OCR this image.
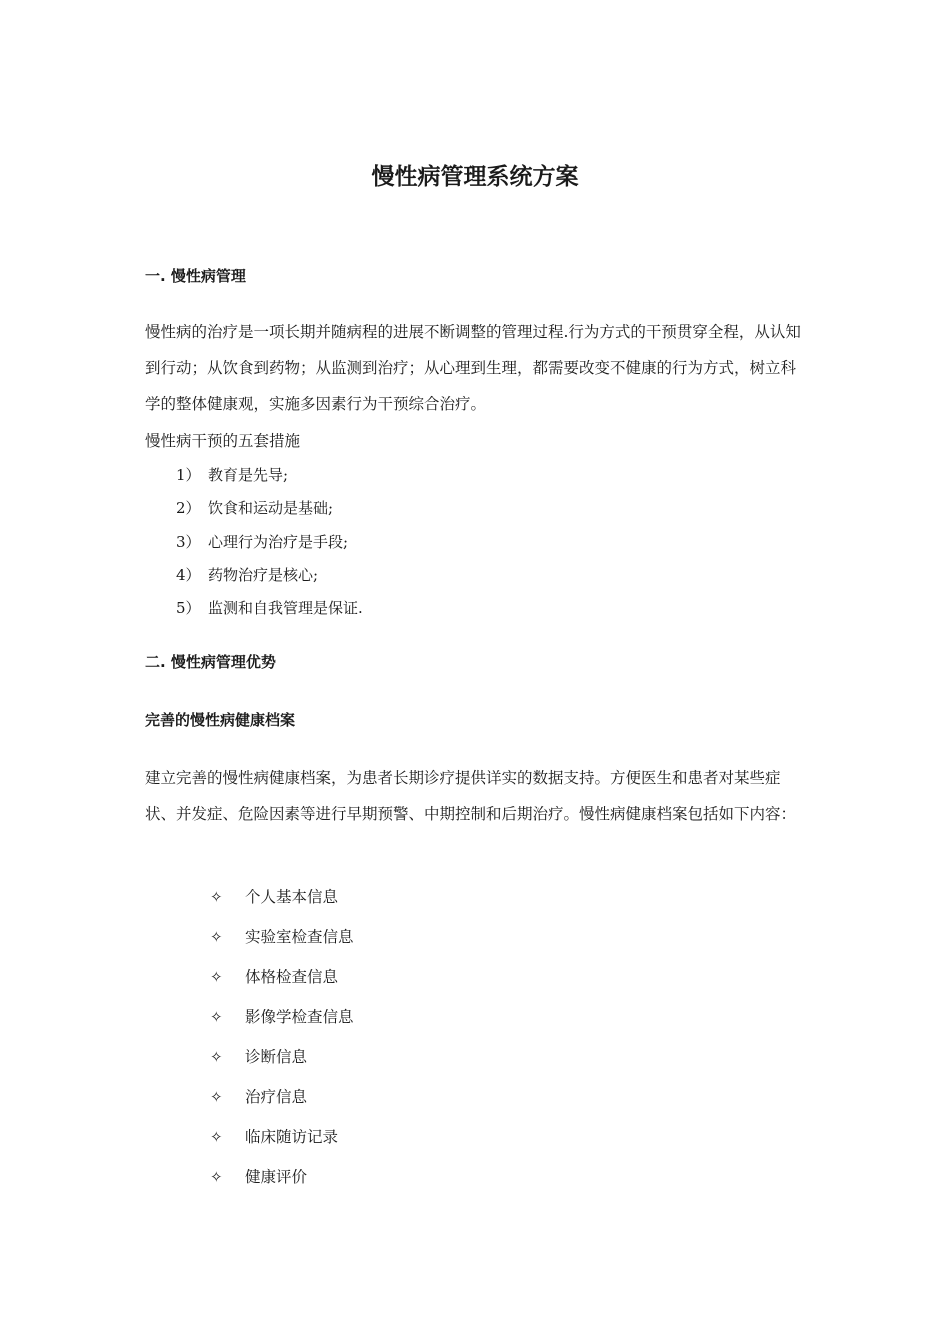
慢性病管理系统方案
一. 慢性病管理

慢性病的治疗是一项长期并随病程的进展不断调整的管理过程.行为方式的干预贯穿全程，从认知到行动；从饮食到药物；从监测到治疗；从心理到生理，都需要改变不健康的行为方式，树立科学的整体健康观，实施多因素行为干预综合治疗。

慢性病干预的五套措施

1） 教育是先导;
2） 饮食和运动是基础;
3） 心理行为治疗是手段;
4） 药物治疗是核心;
5） 监测和自我管理是保证.
二. 慢性病管理优势
完善的慢性病健康档案

建立完善的慢性病健康档案，为患者长期诊疗提供详实的数据支持。方便医生和患者对某些症状、并发症、危险因素等进行早期预警、中期控制和后期治疗。慢性病健康档案包括如下内容：

✧ 个人基本信息
✧ 实验室检查信息
✧ 体格检查信息
✧ 影像学检查信息
✧ 诊断信息
✧ 治疗信息
✧ 临床随访记录
✧ 健康评价
